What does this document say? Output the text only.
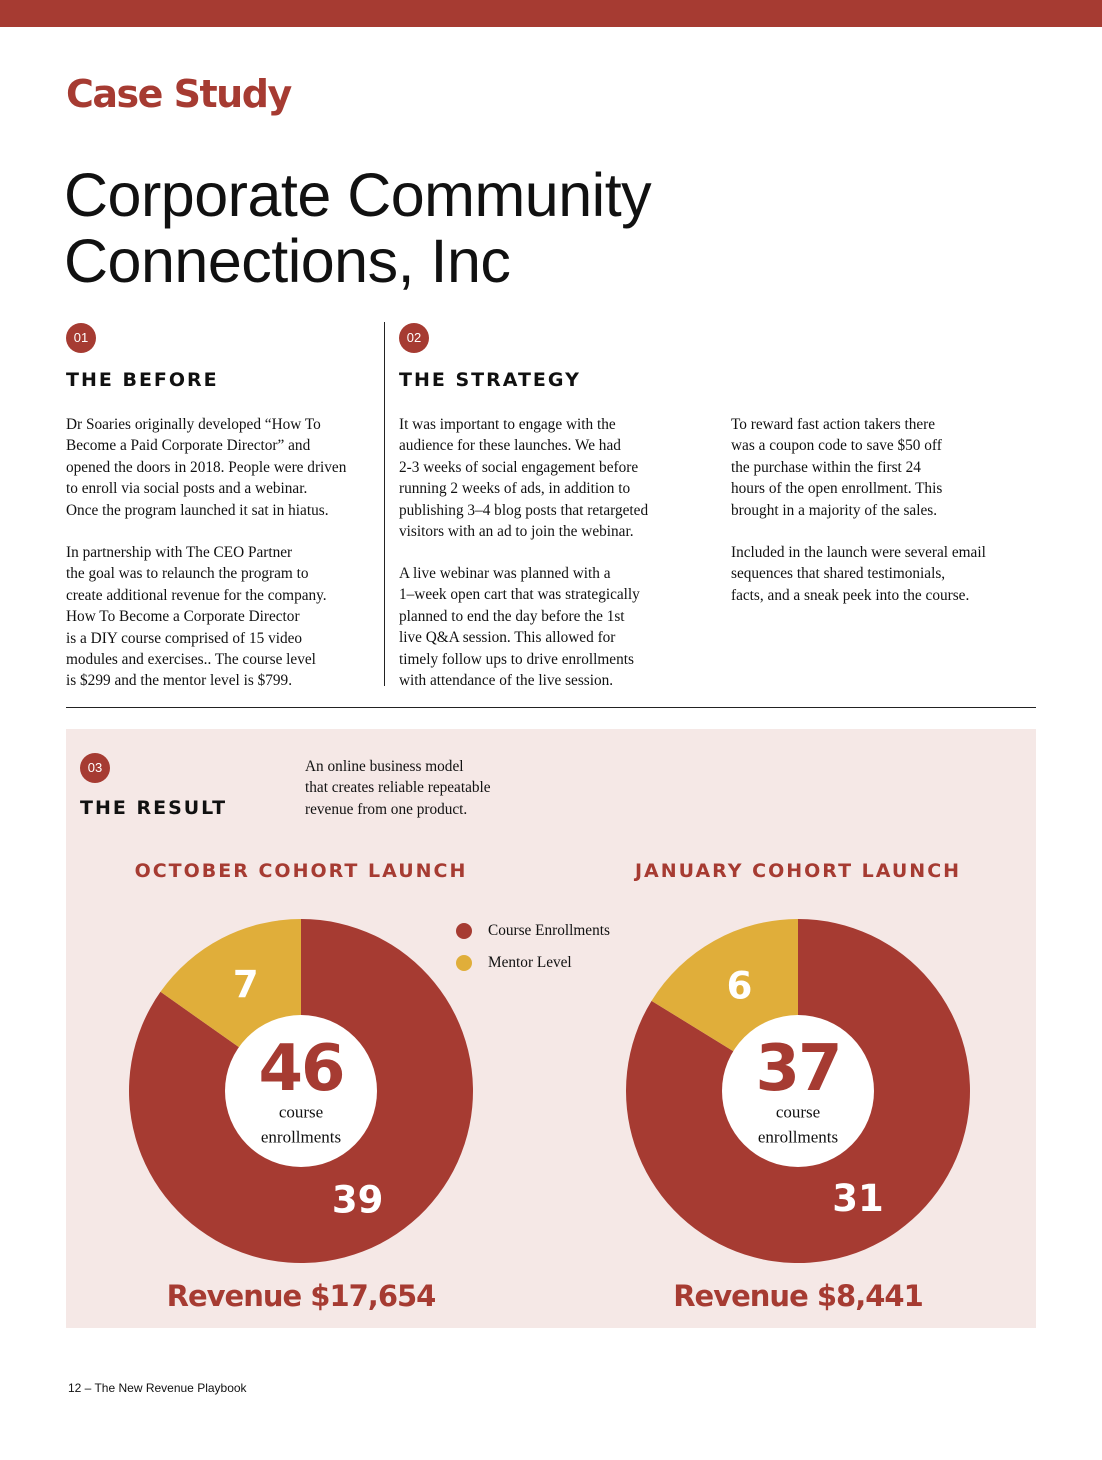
Case Study
Corporate Community
Connections, Inc
01
THE BEFORE

Dr Soaries originally developed “How To
Become a Paid Corporate Director” and
opened the doors in 2018. People were driven
to enroll via social posts and a webinar.
Once the program launched it sat in hiatus.

In partnership with The CEO Partner
the goal was to relaunch the program to
create additional revenue for the company.
How To Become a Corporate Director
is a DIY course comprised of 15 video
modules and exercises.. The course level
is $299 and the mentor level is $799.

02
THE STRATEGY

It was important to engage with the
audience for these launches. We had
2-3 weeks of social engagement before
running 2 weeks of ads, in addition to
publishing 3–4 blog posts that retargeted
visitors with an ad to join the webinar.

A live webinar was planned with a
1–week open cart that was strategically
planned to end the day before the 1st
live Q&A session. This allowed for
timely follow ups to drive enrollments
with attendance of the live session.

To reward fast action takers there
was a coupon code to save $50 off
the purchase within the first 24
hours of the open enrollment. This
brought in a majority of the sales.

Included in the launch were several email
sequences that shared testimonials,
facts, and a sneak peek into the course.

03
THE RESULT

An online business model
that creates reliable repeatable
revenue from one product.

OCTOBER COHORT LAUNCH
39
7
46
course
enrollments

Revenue $17,654

Course Enrollments
Mentor Level
JANUARY COHORT LAUNCH
31
6
37
course
enrollments

Revenue $8,441

12 – The New Revenue Playbook
